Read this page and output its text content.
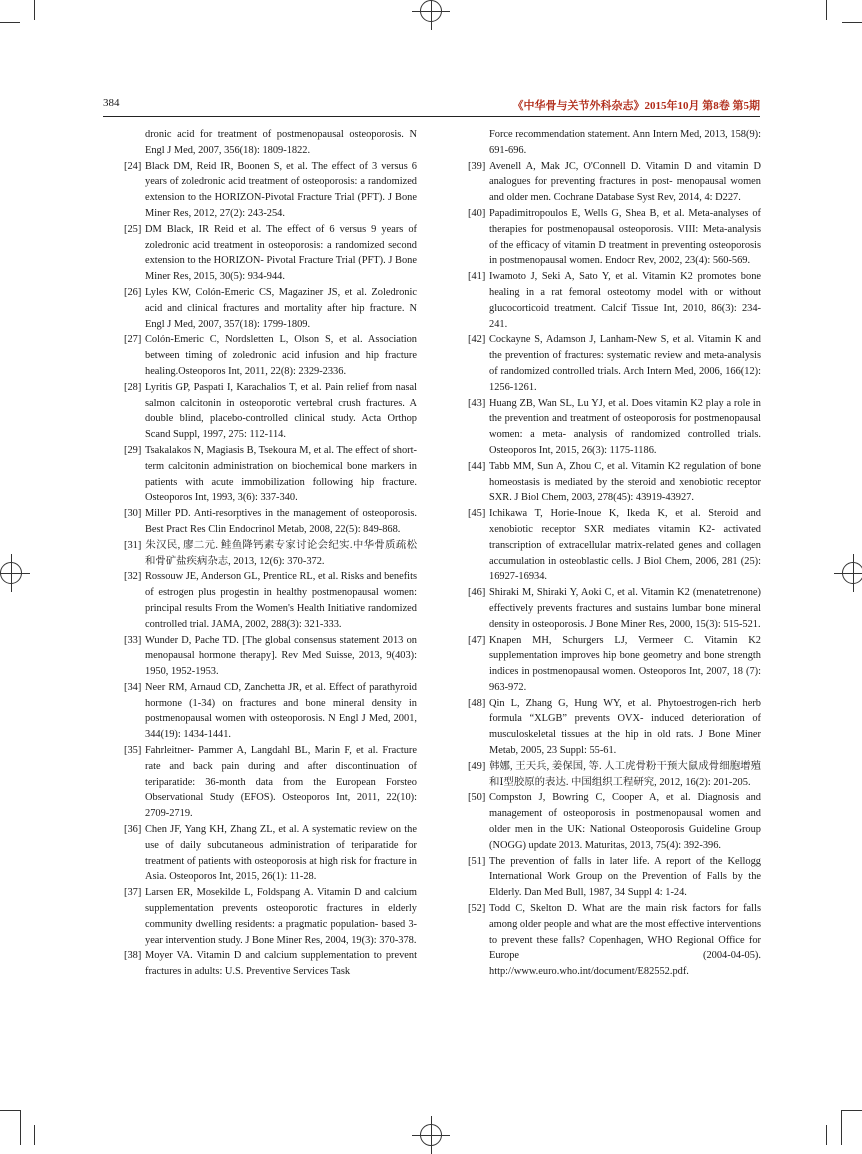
384	《中华骨与关节外科杂志》2015年10月 第8卷 第5期

dronic acid for treatment of postmenopausal osteoporosis. N Engl J Med, 2007, 356(18): 1809-1822.

[24] Black DM, Reid IR, Boonen S, et al. The effect of 3 versus 6 years of zoledronic acid treatment of osteoporosis: a randomized extension to the HORIZON-Pivotal Fracture Trial (PFT). J Bone Miner Res, 2012, 27(2): 243-254.

[25] DM Black, IR Reid et al. The effect of 6 versus 9 years of zoledronic acid treatment in osteoporosis: a randomized second extension to the HORIZON- Pivotal Fracture Trial (PFT). J Bone Miner Res, 2015, 30(5): 934-944.

[26] Lyles KW, Colón-Emeric CS, Magaziner JS, et al. Zoledronic acid and clinical fractures and mortality after hip fracture. N Engl J Med, 2007, 357(18): 1799-1809.

[27] Colón-Emeric C, Nordsletten L, Olson S, et al. Association between timing of zoledronic acid infusion and hip fracture healing.Osteoporos Int, 2011, 22(8): 2329-2336.

[28] Lyritis GP, Paspati I, Karachalios T, et al. Pain relief from nasal salmon calcitonin in osteoporotic vertebral crush fractures. A double blind, placebo-controlled clinical study. Acta Orthop Scand Suppl, 1997, 275: 112-114.

[29] Tsakalakos N, Magiasis B, Tsekoura M, et al. The effect of short- term calcitonin administration on biochemical bone markers in patients with acute immobilization following hip fracture. Osteoporos Int, 1993, 3(6): 337-340.

[30] Miller PD. Anti-resorptives in the management of osteoporosis. Best Pract Res Clin Endocrinol Metab, 2008, 22(5): 849-868.

[31] 朱汉民, 廖二元. 鲑鱼降钙素专家讨论会纪实.中华骨质疏松和骨矿盐疾病杂志, 2013, 12(6): 370-372.

[32] Rossouw JE, Anderson GL, Prentice RL, et al. Risks and benefits of estrogen plus progestin in healthy postmenopausal women: principal results From the Women's Health Initiative randomized controlled trial. JAMA, 2002, 288(3): 321-333.

[33] Wunder D, Pache TD. [The global consensus statement 2013 on menopausal hormone therapy]. Rev Med Suisse, 2013, 9(403): 1950, 1952-1953.

[34] Neer RM, Arnaud CD, Zanchetta JR, et al. Effect of parathyroid hormone (1-34) on fractures and bone mineral density in postmenopausal women with osteoporosis. N Engl J Med, 2001, 344(19): 1434-1441.

[35] Fahrleitner- Pammer A, Langdahl BL, Marin F, et al. Fracture rate and back pain during and after discontinuation of teriparatide: 36-month data from the European Forsteo Observational Study (EFOS). Osteoporos Int, 2011, 22(10): 2709-2719.

[36] Chen JF, Yang KH, Zhang ZL, et al. A systematic review on the use of daily subcutaneous administration of teriparatide for treatment of patients with osteoporosis at high risk for fracture in Asia. Osteoporos Int, 2015, 26(1): 11-28.

[37] Larsen ER, Mosekilde L, Foldspang A. Vitamin D and calcium supplementation prevents osteoporotic fractures in elderly community dwelling residents: a pragmatic population- based 3- year intervention study. J Bone Miner Res, 2004, 19(3): 370-378.

[38] Moyer VA. Vitamin D and calcium supplementation to prevent fractures in adults: U.S. Preventive Services Task

Force recommendation statement. Ann Intern Med, 2013, 158(9): 691-696.

[39] Avenell A, Mak JC, O'Connell D. Vitamin D and vitamin D analogues for preventing fractures in post- menopausal women and older men. Cochrane Database Syst Rev, 2014, 4: D227.

[40] Papadimitropoulos E, Wells G, Shea B, et al. Meta-analyses of therapies for postmenopausal osteoporosis. VIII: Meta-analysis of the efficacy of vitamin D treatment in preventing osteoporosis in postmenopausal women. Endocr Rev, 2002, 23(4): 560-569.

[41] Iwamoto J, Seki A, Sato Y, et al. Vitamin K2 promotes bone healing in a rat femoral osteotomy model with or without glucocorticoid treatment. Calcif Tissue Int, 2010, 86(3): 234-241.

[42] Cockayne S, Adamson J, Lanham-New S, et al. Vitamin K and the prevention of fractures: systematic review and meta-analysis of randomized controlled trials. Arch Intern Med, 2006, 166(12): 1256-1261.

[43] Huang ZB, Wan SL, Lu YJ, et al. Does vitamin K2 play a role in the prevention and treatment of osteoporosis for postmenopausal women: a meta- analysis of randomized controlled trials. Osteoporos Int, 2015, 26(3): 1175-1186.

[44] Tabb MM, Sun A, Zhou C, et al. Vitamin K2 regulation of bone homeostasis is mediated by the steroid and xenobiotic receptor SXR. J Biol Chem, 2003, 278(45): 43919-43927.

[45] Ichikawa T, Horie-Inoue K, Ikeda K, et al. Steroid and xenobiotic receptor SXR mediates vitamin K2- activated transcription of extracellular matrix-related genes and collagen accumulation in osteoblastic cells. J Biol Chem, 2006, 281 (25): 16927-16934.

[46] Shiraki M, Shiraki Y, Aoki C, et al. Vitamin K2 (menatetrenone) effectively prevents fractures and sustains lumbar bone mineral density in osteoporosis. J Bone Miner Res, 2000, 15(3): 515-521.

[47] Knapen MH, Schurgers LJ, Vermeer C. Vitamin K2 supplementation improves hip bone geometry and bone strength indices in postmenopausal women. Osteoporos Int, 2007, 18 (7): 963-972.

[48] Qin L, Zhang G, Hung WY, et al. Phytoestrogen-rich herb formula “XLGB” prevents OVX- induced deterioration of musculoskeletal tissues at the hip in old rats. J Bone Miner Metab, 2005, 23 Suppl: 55-61.

[49] 韩娜, 王天兵, 姜保国, 等. 人工虎骨粉干预大鼠成骨细胞增殖和Ⅰ型胶原的表达. 中国组织工程研究, 2012, 16(2): 201-205.

[50] Compston J, Bowring C, Cooper A, et al. Diagnosis and management of osteoporosis in postmenopausal women and older men in the UK: National Osteoporosis Guideline Group (NOGG) update 2013. Maturitas, 2013, 75(4): 392-396.

[51] The prevention of falls in later life. A report of the Kellogg International Work Group on the Prevention of Falls by the Elderly. Dan Med Bull, 1987, 34 Suppl 4: 1-24.

[52] Todd C, Skelton D. What are the main risk factors for falls among older people and what are the most effective interventions to prevent these falls? Copenhagen, WHO Regional Office for Europe (2004-04-05). http://www.euro.who.int/document/E82552.pdf.
